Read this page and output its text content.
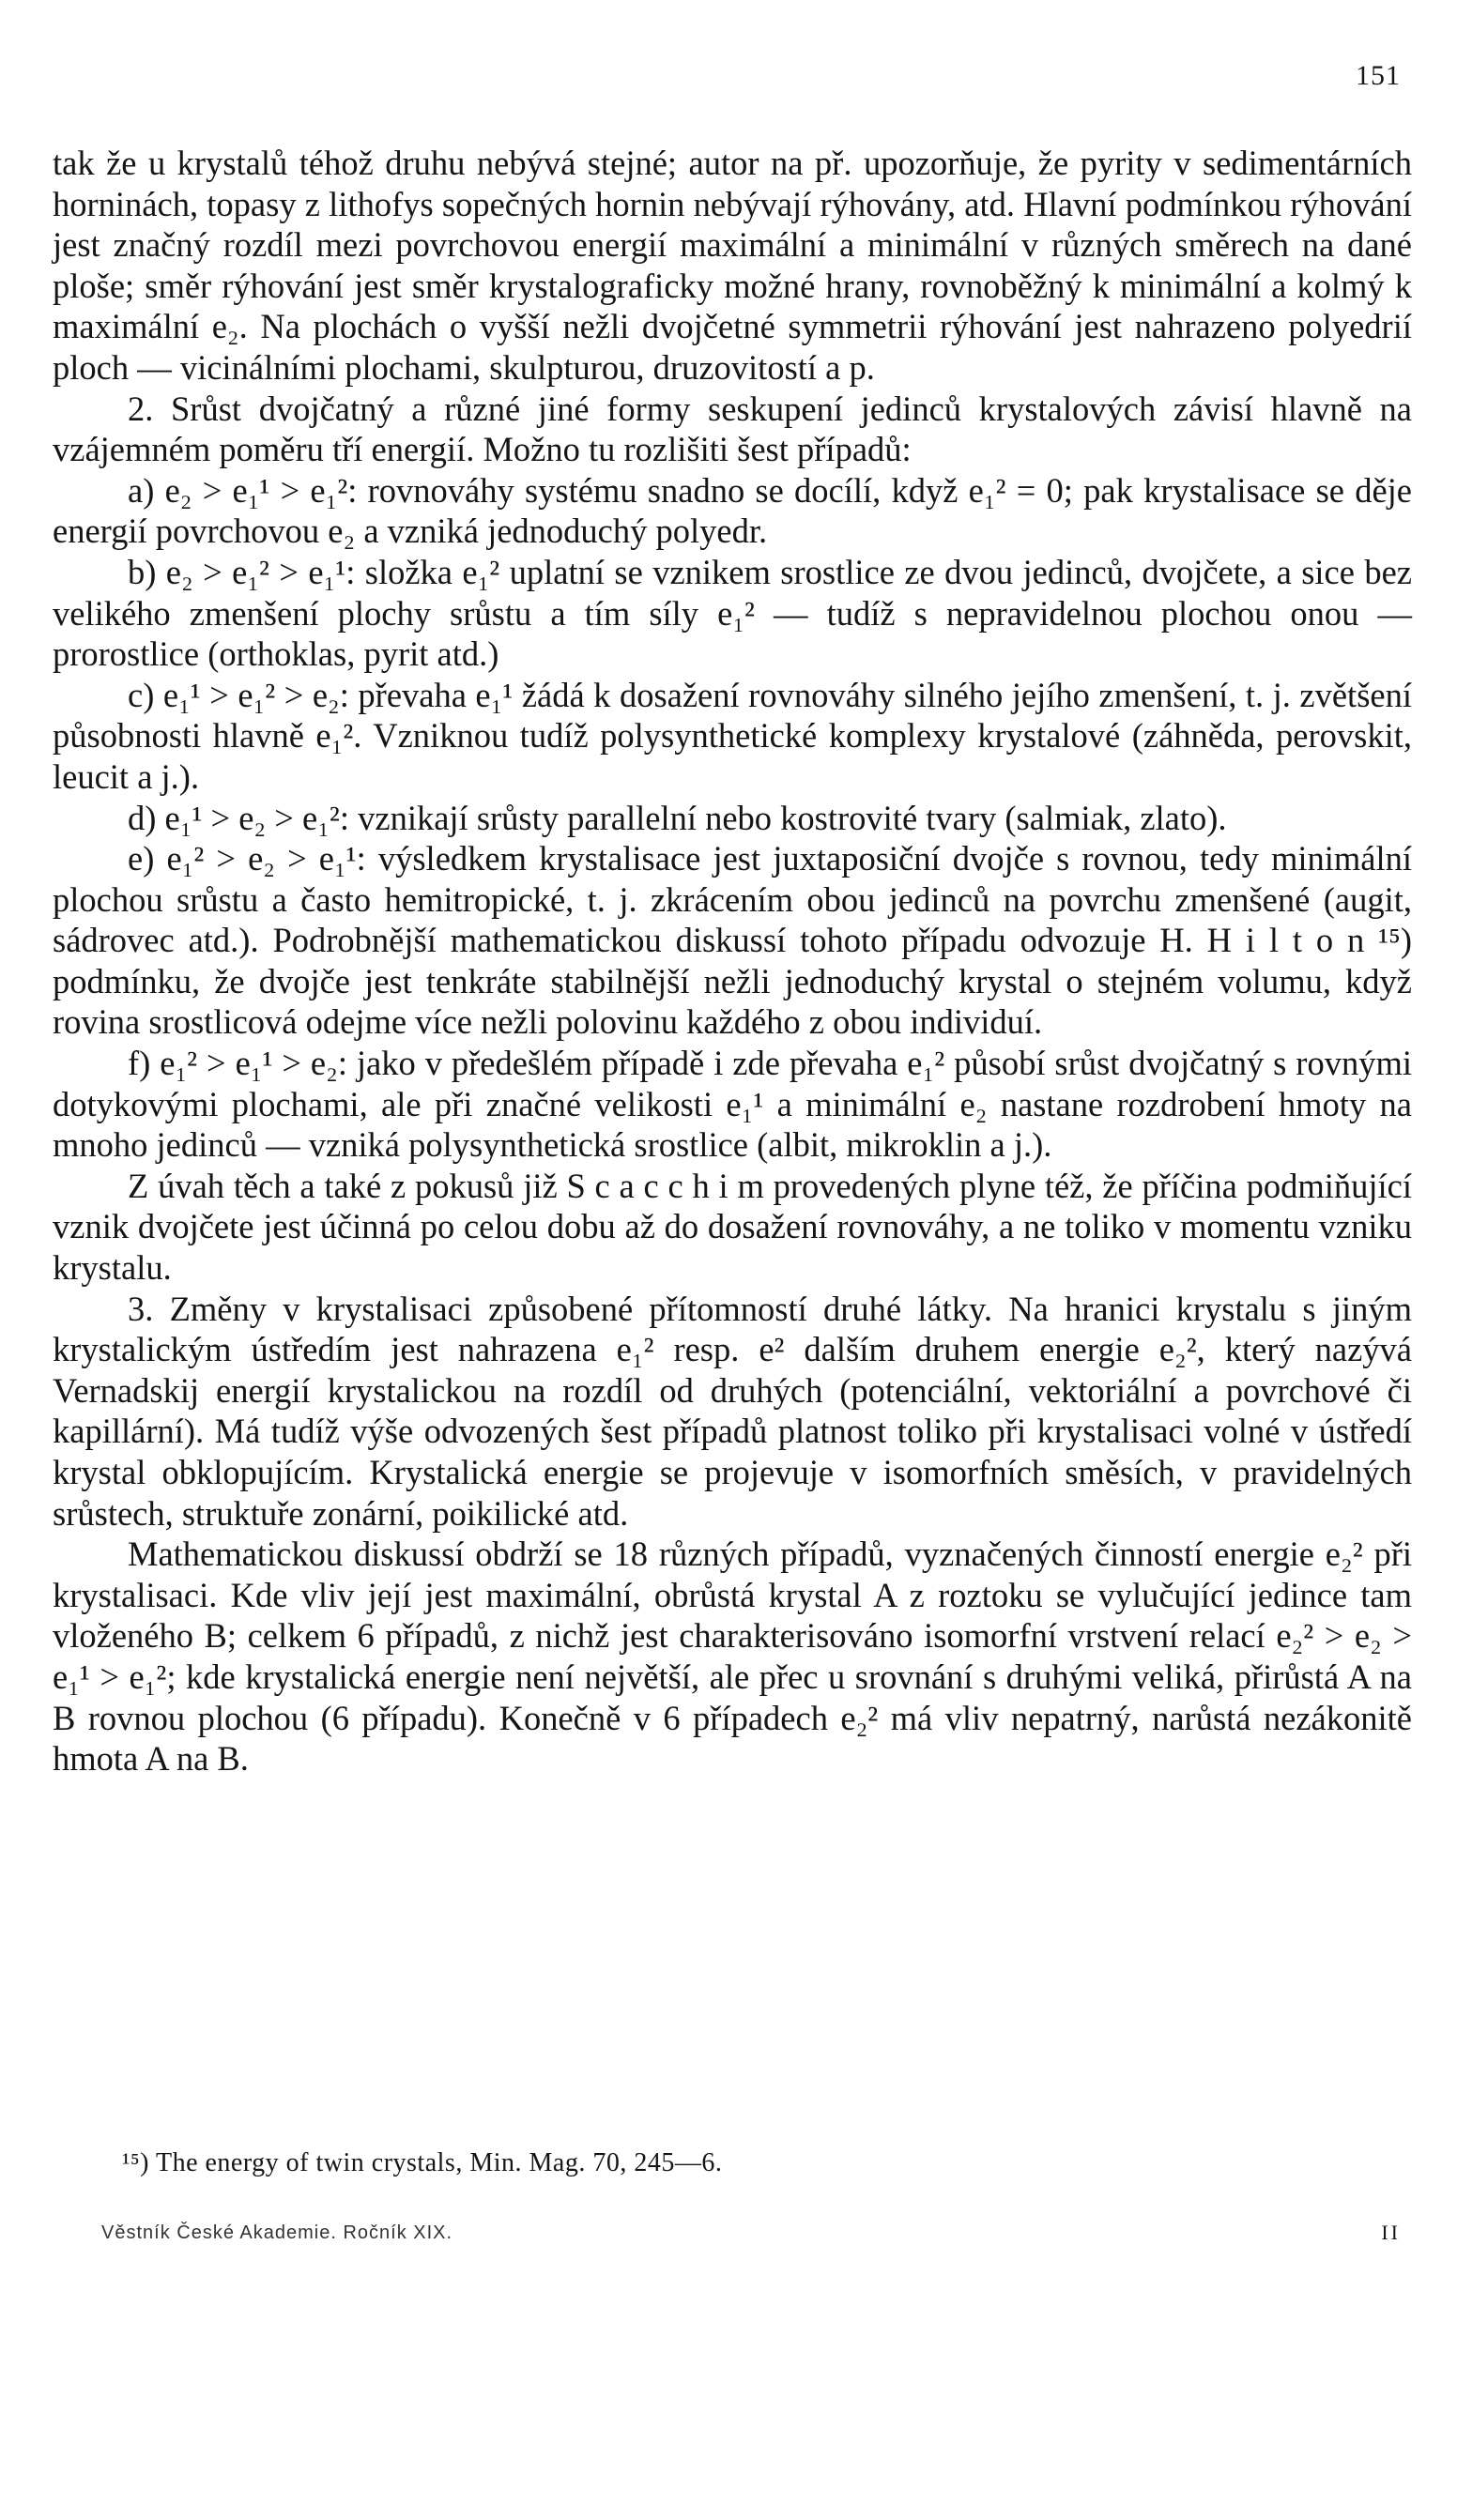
151

tak že u krystalů téhož druhu nebývá stejné; autor na př. upozorňuje, že pyrity v sedimentárních horninách, topasy z lithofys sopečných hornin nebývají rýhovány, atd. Hlavní podmínkou rýhování jest značný rozdíl mezi povrchovou energií maximální a minimální v různých směrech na dané ploše; směr rýhování jest směr krystalograficky možné hrany, rovnoběžný k minimální a kolmý k maximální e₂. Na plochách o vyšší nežli dvojčetné symmetrii rýhování jest nahrazeno polyedrií ploch — vicinálními plochami, skulpturou, druzovitostí a p.

2. Srůst dvojčatný a různé jiné formy seskupení jedinců krystalových závisí hlavně na vzájemném poměru tří energií. Možno tu rozlišiti šest případů:

a) e₂ > e₁¹ > e₁²: rovnováhy systému snadno se docílí, když e₁² = 0; pak krystalisace se děje energií povrchovou e₂ a vzniká jednoduchý polyedr.

b) e₂ > e₁² > e₁¹: složka e₁² uplatní se vznikem srostlice ze dvou jedinců, dvojčete, a sice bez velikého zmenšení plochy srůstu a tím síly e₁² — tudíž s nepravidelnou plochou onou — prorostlice (orthoklas, pyrit atd.)

c) e₁¹ > e₁² > e₂: převaha e₁¹ žádá k dosažení rovnováhy silného jejího zmenšení, t. j. zvětšení působnosti hlavně e₁². Vzniknou tudíž polysynthetické komplexy krystalové (záhněda, perovskit, leucit a j.).

d) e₁¹ > e₂ > e₁²: vznikají srůsty parallelní nebo kostrovité tvary (salmiak, zlato).

e) e₁² > e₂ > e₁¹: výsledkem krystalisace jest juxtaposiční dvojče s rovnou, tedy minimální plochou srůstu a často hemitropické, t. j. zkrácením obou jedinců na povrchu zmenšené (augit, sádrovec atd.). Podrobnější mathematickou diskussí tohoto případu odvozuje H. H i l t o n ¹⁵) podmínku, že dvojče jest tenkráte stabilnější nežli jednoduchý krystal o stejném volumu, když rovina srostlicová odejme více nežli polovinu každého z obou individuí.

f) e₁² > e₁¹ > e₂: jako v předešlém případě i zde převaha e₁² působí srůst dvojčatný s rovnými dotykovými plochami, ale při značné velikosti e₁¹ a minimální e₂ nastane rozdrobení hmoty na mnoho jedinců — vzniká polysynthetická srostlice (albit, mikroklin a j.).

Z úvah těch a také z pokusů již S c a c c h i m provedených plyne též, že příčina podmiňující vznik dvojčete jest účinná po celou dobu až do dosažení rovnováhy, a ne toliko v momentu vzniku krystalu.

3. Změny v krystalisaci způsobené přítomností druhé látky. Na hranici krystalu s jiným krystalickým ústředím jest nahrazena e₁² resp. e² dalším druhem energie e₂², který nazývá Vernadskij energií krystalickou na rozdíl od druhých (potenciální, vektoriální a povrchové či kapillární). Má tudíž výše odvozených šest případů platnost toliko při krystalisaci volné v ústředí krystal obklopujícím. Krystalická energie se projevuje v isomorfních směsích, v pravidelných srůstech, struktuře zonární, poikilické atd.

Mathematickou diskussí obdrží se 18 různých případů, vyznačených činností energie e₂² při krystalisaci. Kde vliv její jest maximální, obrůstá krystal A z roztoku se vylučující jedince tam vloženého B; celkem 6 případů, z nichž jest charakterisováno isomorfní vrstvení relací e₂² > e₂ > e₁¹ > e₁²; kde krystalická energie není největší, ale přec u srovnání s druhými veliká, přirůstá A na B rovnou plochou (6 případu). Konečně v 6 případech e₂² má vliv nepatrný, narůstá nezákonitě hmota A na B.

¹⁵) The energy of twin crystals, Min. Mag. 70, 245—6.
Věstník České Akademie. Ročník XIX.	II
